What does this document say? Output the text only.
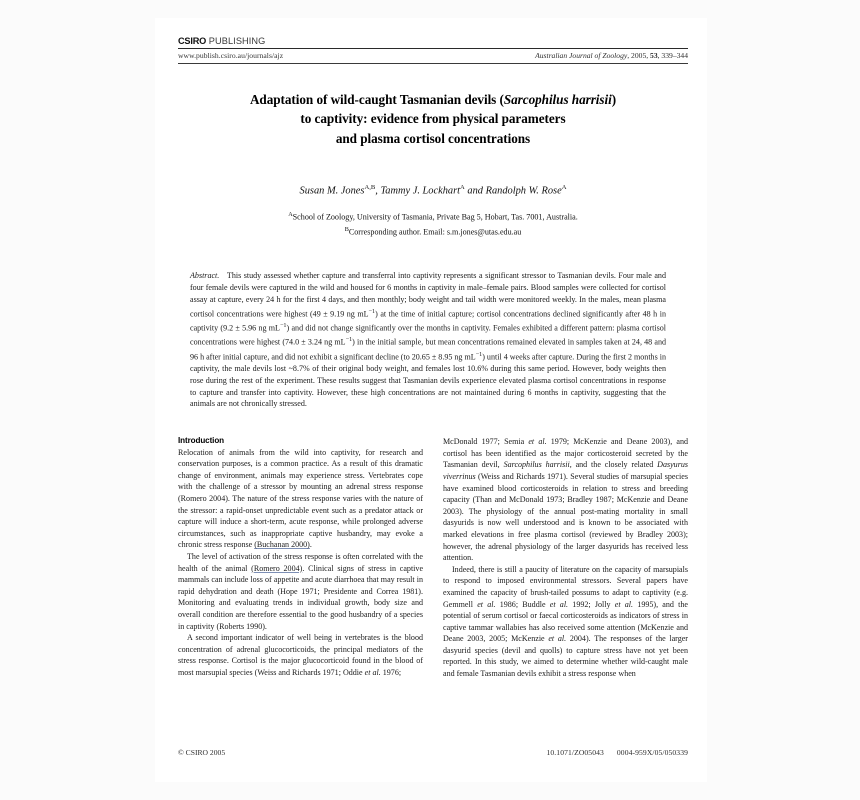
CSIRO PUBLISHING
www.publish.csiro.au/journals/ajz	Australian Journal of Zoology, 2005, 53, 339–344
Adaptation of wild-caught Tasmanian devils (Sarcophilus harrisii)
to captivity: evidence from physical parameters
and plasma cortisol concentrations
Susan M. Jones$^{A,B}$, Tammy J. Lockhart$^A$ and Randolph W. Rose$^A$
$^A$School of Zoology, University of Tasmania, Private Bag 5, Hobart, Tas. 7001, Australia.
$^B$Corresponding author. Email: s.m.jones@utas.edu.au
Abstract. This study assessed whether capture and transferral into captivity represents a significant stressor to Tasmanian devils. Four male and four female devils were captured in the wild and housed for 6 months in captivity in male–female pairs. Blood samples were collected for cortisol assay at capture, every 24 h for the first 4 days, and then monthly; body weight and tail width were monitored weekly. In the males, mean plasma cortisol concentrations were highest (49 ± 9.19 ng $mL^{-1}$) at the time of initial capture; cortisol concentrations declined significantly after 48 h in captivity (9.2 ± 5.96 ng $mL^{-1}$) and did not change significantly over the months in captivity. Females exhibited a different pattern: plasma cortisol concentrations were highest (74.0 ± 3.24 ng $mL^{-1}$) in the initial sample, but mean concentrations remained elevated in samples taken at 24, 48 and 96 h after initial capture, and did not exhibit a significant decline (to 20.65 ± 8.95 ng $mL^{-1}$) until 4 weeks after capture. During the first 2 months in captivity, the male devils lost ~8.7% of their original body weight, and females lost 10.6% during this same period. However, body weights then rose during the rest of the experiment. These results suggest that Tasmanian devils experience elevated plasma cortisol concentrations in response to capture and transfer into captivity. However, these high concentrations are not maintained during 6 months in captivity, suggesting that the animals are not chronically stressed.
Introduction
Relocation of animals from the wild into captivity, for research and conservation purposes, is a common practice. As a result of this dramatic change of environment, animals may experience stress. Vertebrates cope with the challenge of a stressor by mounting an adrenal stress response (Romero 2004). The nature of the stress response varies with the nature of the stressor: a rapid-onset unpredictable event such as a predator attack or capture will induce a short-term, acute response, while prolonged adverse circumstances, such as inappropriate captive husbandry, may evoke a chronic stress response (Buchanan 2000).
The level of activation of the stress response is often correlated with the health of the animal (Romero 2004). Clinical signs of stress in captive mammals can include loss of appetite and acute diarrhoea that may result in rapid dehydration and death (Hope 1971; Presidente and Correa 1981). Monitoring and evaluating trends in individual growth, body size and overall condition are therefore essential to the good husbandry of a species in captivity (Roberts 1990).
A second important indicator of well being in vertebrates is the blood concentration of adrenal glucocorticoids, the principal mediators of the stress response. Cortisol is the major glucocorticoid found in the blood of most marsupial species (Weiss and Richards 1971; Oddie et al. 1976;
McDonald 1977; Semia et al. 1979; McKenzie and Deane 2003), and cortisol has been identified as the major corticosteroid secreted by the Tasmanian devil, Sarcophilus harrisii, and the closely related Dasyurus viverrinus (Weiss and Richards 1971). Several studies of marsupial species have examined blood corticosteroids in relation to stress and breeding capacity (Than and McDonald 1973; Bradley 1987; McKenzie and Deane 2003). The physiology of the annual post-mating mortality in small dasyurids is now well understood and is known to be associated with marked elevations in free plasma cortisol (reviewed by Bradley 2003); however, the adrenal physiology of the larger dasyurids has received less attention.
Indeed, there is still a paucity of literature on the capacity of marsupials to respond to imposed environmental stressors. Several papers have examined the capacity of brush-tailed possums to adapt to captivity (e.g. Gemmell et al. 1986; Buddle et al. 1992; Jolly et al. 1995), and the potential of serum cortisol or faecal corticosteroids as indicators of stress in captive tammar wallabies has also received some attention (McKenzie and Deane 2003, 2005; McKenzie et al. 2004). The responses of the larger dasyurid species (devil and quolls) to capture stress have not yet been reported. In this study, we aimed to determine whether wild-caught male and female Tasmanian devils exhibit a stress response when
© CSIRO 2005	10.1071/ZO05043 0004-959X/05/050339
